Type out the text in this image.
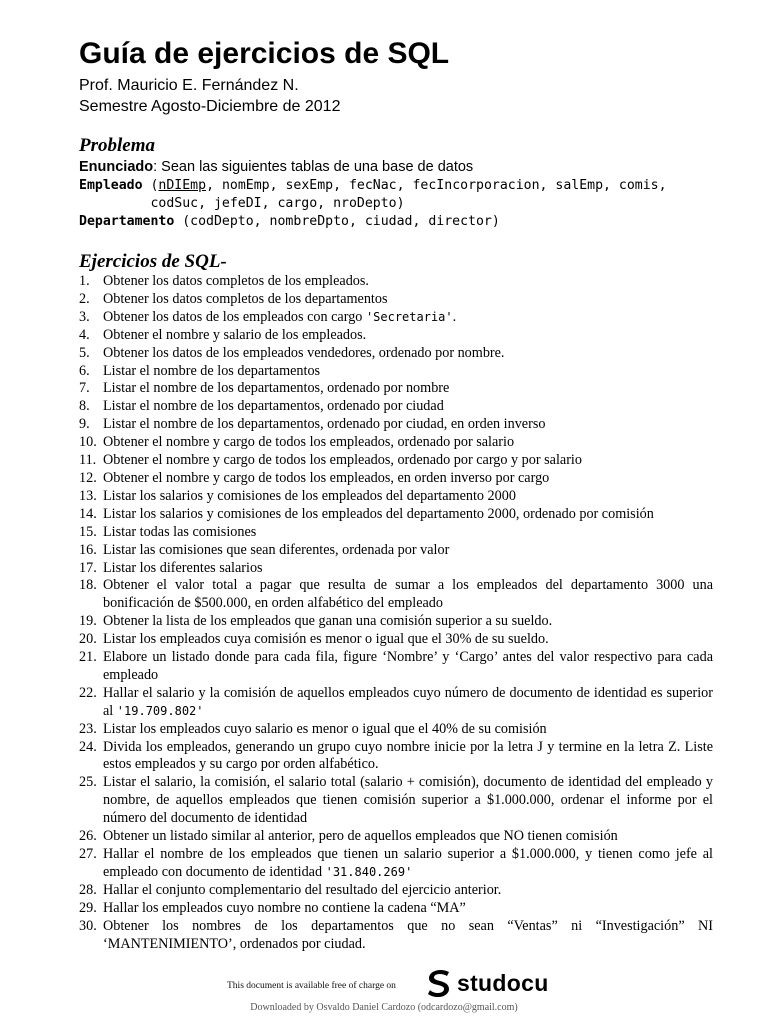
Guía de ejercicios de SQL
Prof. Mauricio E. Fernández N.
Semestre Agosto-Diciembre de 2012
Problema
Enunciado: Sean las siguientes tablas de una base de datos
Empleado (nDIEmp, nomEmp, sexEmp, fecNac, fecIncorporacion, salEmp, comis,
codSuc, jefeDI, cargo, nroDepto)
Departamento (codDepto, nombreDpto, ciudad, director)
Ejercicios de SQL-
1. Obtener los datos completos de los empleados.
2. Obtener los datos completos de los departamentos
3. Obtener los datos de los empleados con cargo 'Secretaria'.
4. Obtener el nombre y salario de los empleados.
5. Obtener los datos de los empleados vendedores, ordenado por nombre.
6. Listar el nombre de los departamentos
7. Listar el nombre de los departamentos, ordenado por nombre
8. Listar el nombre de los departamentos, ordenado por ciudad
9. Listar el nombre de los departamentos, ordenado por ciudad, en orden inverso
10. Obtener el nombre y cargo de todos los empleados, ordenado por salario
11. Obtener el nombre y cargo de todos los empleados, ordenado por cargo y por salario
12. Obtener el nombre y cargo de todos los empleados, en orden inverso por cargo
13. Listar los salarios y comisiones de los empleados del departamento 2000
14. Listar los salarios y comisiones de los empleados del departamento 2000, ordenado por comisión
15. Listar todas las comisiones
16. Listar las comisiones que sean diferentes, ordenada por valor
17. Listar los diferentes salarios
18. Obtener el valor total a pagar que resulta de sumar a los empleados del departamento 3000 una bonificación de $500.000, en orden alfabético del empleado
19. Obtener la lista de los empleados que ganan una comisión superior a su sueldo.
20. Listar los empleados cuya comisión es menor o igual que el 30% de su sueldo.
21. Elabore un listado donde para cada fila, figure ‘Nombre’ y ‘Cargo’ antes del valor respectivo para cada empleado
22. Hallar el salario y la comisión de aquellos empleados cuyo número de documento de identidad es superior al '19.709.802'
23. Listar los empleados cuyo salario es menor o igual que el 40% de su comisión
24. Divida los empleados, generando un grupo cuyo nombre inicie por la letra J y termine en la letra Z. Liste estos empleados y su cargo por orden alfabético.
25. Listar el salario, la comisión, el salario total (salario + comisión), documento de identidad del empleado y nombre, de aquellos empleados que tienen comisión superior a $1.000.000, ordenar el informe por el número del documento de identidad
26. Obtener un listado similar al anterior, pero de aquellos empleados que NO tienen comisión
27. Hallar el nombre de los empleados que tienen un salario superior a $1.000.000, y tienen como jefe al empleado con documento de identidad '31.840.269'
28. Hallar el conjunto complementario del resultado del ejercicio anterior.
29. Hallar los empleados cuyo nombre no contiene la cadena “MA”
30. Obtener los nombres de los departamentos que no sean “Ventas” ni “Investigación” NI ‘MANTENIMIENTO’, ordenados por ciudad.
This document is available free of charge on	studocu
Downloaded by Osvaldo Daniel Cardozo (odcardozo@gmail.com)
